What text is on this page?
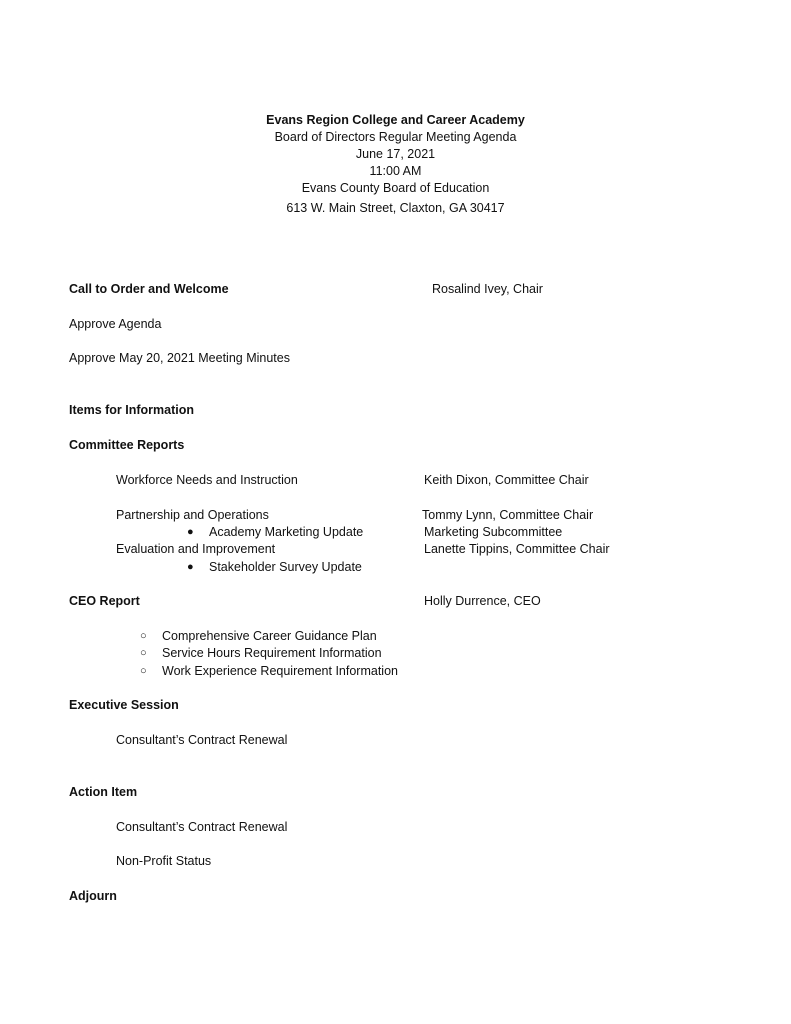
Evans Region College and Career Academy
Board of Directors Regular Meeting Agenda
June 17, 2021
11:00 AM
Evans County Board of Education
613 W. Main Street, Claxton, GA 30417
Call to Order and Welcome	Rosalind Ivey, Chair
Approve Agenda
Approve May 20, 2021 Meeting Minutes
Items for Information
Committee Reports
Workforce Needs and Instruction	Keith Dixon, Committee Chair
Partnership and Operations	Tommy Lynn, Committee Chair
● Academy Marketing Update	Marketing Subcommittee
Evaluation and Improvement	Lanette Tippins, Committee Chair
● Stakeholder Survey Update
CEO Report	Holly Durrence, CEO
○ Comprehensive Career Guidance Plan
○ Service Hours Requirement Information
○ Work Experience Requirement Information
Executive Session
Consultant’s Contract Renewal
Action Item
Consultant’s Contract Renewal
Non-Profit Status
Adjourn
